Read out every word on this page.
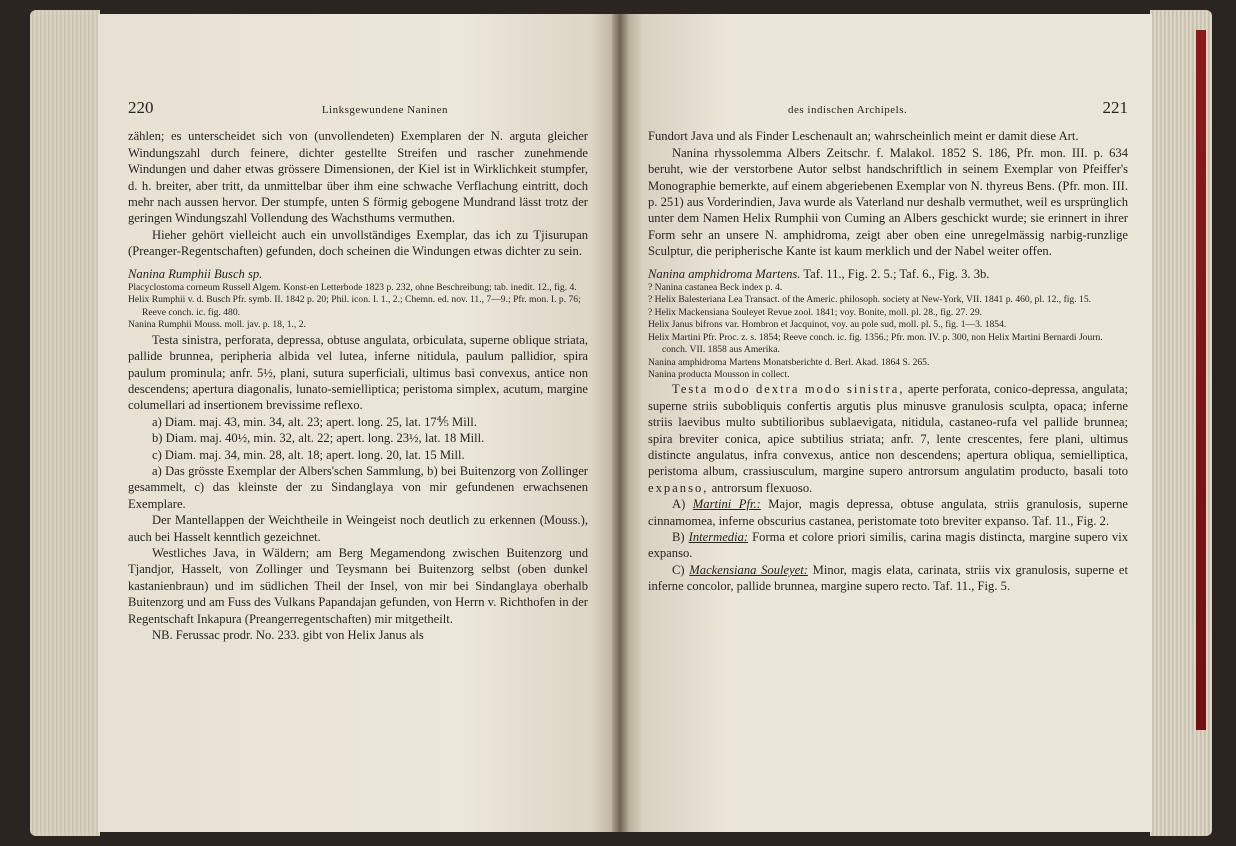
220	Linksgewundene Naninen

zählen; es unterscheidet sich von (unvollendeten) Exemplaren der N. arguta gleicher Windungszahl durch feinere, dichter gestellte Streifen und rascher zunehmende Windungen und daher etwas grössere Dimensionen, der Kiel ist in Wirklichkeit stumpfer, d. h. breiter, aber tritt, da unmittelbar über ihm eine schwache Verflachung eintritt, doch mehr nach aussen hervor. Der stumpfe, unten S förmig gebogene Mundrand lässt trotz der geringen Windungszahl Vollendung des Wachsthums vermuthen.

Hieher gehört vielleicht auch ein unvollständiges Exemplar, das ich zu Tjisurupan (Preanger-Regentschaften) gefunden, doch scheinen die Windungen etwas dichter zu sein.

Nanina Rumphii Busch sp.

Placyclostoma corneum Russell Algem. Konst-en Letterbode 1823 p. 232, ohne Beschreibung; tab. inedit. 12., fig. 4.

Helix Rumphii v. d. Busch Pfr. symb. II. 1842 p. 20; Phil. icon. I. 1., 2.; Chemn. ed. nov. 11., 7—9.; Pfr. mon. I. p. 76; Reeve conch. ic. fig. 480.

Nanina Rumphii Mouss. moll. jav. p. 18, 1., 2.

Testa sinistra, perforata, depressa, obtuse angulata, orbiculata, superne oblique striata, pallide brunnea, peripheria albida vel lutea, inferne nitidula, paulum pallidior, spira paulum prominula; anfr. 5½, plani, sutura superficiali, ultimus basi convexus, antice non descendens; apertura diagonalis, lunato-semielliptica; peristoma simplex, acutum, margine columellari ad insertionem brevissime reflexo.

a) Diam. maj. 43, min. 34, alt. 23; apert. long. 25, lat. 17⅘ Mill.

b) Diam. maj. 40½, min. 32, alt. 22; apert. long. 23½, lat. 18 Mill.

c) Diam. maj. 34, min. 28, alt. 18; apert. long. 20, lat. 15 Mill.

a) Das grösste Exemplar der Albers'schen Sammlung, b) bei Buitenzorg von Zollinger gesammelt, c) das kleinste der zu Sindanglaya von mir gefundenen erwachsenen Exemplare.

Der Mantellappen der Weichtheile in Weingeist noch deutlich zu erkennen (Mouss.), auch bei Hasselt kenntlich gezeichnet.

Westliches Java, in Wäldern; am Berg Megamendong zwischen Buitenzorg und Tjandjor, Hasselt, von Zollinger und Teysmann bei Buitenzorg selbst (oben dunkel kastanienbraun) und im südlichen Theil der Insel, von mir bei Sindanglaya oberhalb Buitenzorg und am Fuss des Vulkans Papandajan gefunden, von Herrn v. Richthofen in der Regentschaft Inkapura (Preangerregentschaften) mir mitgetheilt.

NB. Ferussac prodr. No. 233. gibt von Helix Janus als

des indischen Archipels.	221

Fundort Java und als Finder Leschenault an; wahrscheinlich meint er damit diese Art.

Nanina rhyssolemma Albers Zeitschr. f. Malakol. 1852 S. 186, Pfr. mon. III. p. 634 beruht, wie der verstorbene Autor selbst handschriftlich in seinem Exemplar von Pfeiffer's Monographie bemerkte, auf einem abgeriebenen Exemplar von N. thyreus Bens. (Pfr. mon. III. p. 251) aus Vorderindien, Java wurde als Vaterland nur deshalb vermuthet, weil es ursprünglich unter dem Namen Helix Rumphii von Cuming an Albers geschickt wurde; sie erinnert in ihrer Form sehr an unsere N. amphidroma, zeigt aber oben eine unregelmässig narbig-runzlige Sculptur, die peripherische Kante ist kaum merklich und der Nabel weiter offen.

Nanina amphidroma Martens. Taf. 11., Fig. 2. 5.; Taf. 6., Fig. 3. 3b.

? Nanina castanea Beck index p. 4.

? Helix Balesteriana Lea Transact. of the Americ. philosoph. society at New-York, VII. 1841 p. 460, pl. 12., fig. 15.

? Helix Mackensiana Souleyet Revue zool. 1841; voy. Bonite, moll. pl. 28., fig. 27. 29.

Helix Janus bifrons var. Hombron et Jacquinot, voy. au pole sud, moll. pl. 5., fig. 1—3. 1854.

Helix Martini Pfr. Proc. z. s. 1854; Reeve conch. ic. fig. 1356.; Pfr. mon. IV. p. 300, non Helix Martini Bernardi Journ. conch. VII. 1858 aus Amerika.

Nanina amphidroma Martens Monatsberichte d. Berl. Akad. 1864 S. 265.

Nanina producta Mousson in collect.

Testa modo dextra modo sinistra, aperte perforata, conico-depressa, angulata; superne striis subobliquis confertis argutis plus minusve granulosis sculpta, opaca; inferne striis laevibus multo subtilioribus sublaevigata, nitidula, castaneo-rufa vel pallide brunnea; spira breviter conica, apice subtilius striata; anfr. 7, lente crescentes, fere plani, ultimus distincte angulatus, infra convexus, antice non descendens; apertura obliqua, semielliptica, peristoma album, crassiusculum, margine supero antrorsum angulatim producto, basali toto expanso, antrorsum flexuoso.

A) Martini Pfr.: Major, magis depressa, obtuse angulata, striis granulosis, superne cinnamomea, inferne obscurius castanea, peristomate toto breviter expanso. Taf. 11., Fig. 2.

B) Intermedia: Forma et colore priori similis, carina magis distincta, margine supero vix expanso.

C) Mackensiana Souleyet: Minor, magis elata, carinata, striis vix granulosis, superne et inferne concolor, pallide brunnea, margine supero recto. Taf. 11., Fig. 5.
